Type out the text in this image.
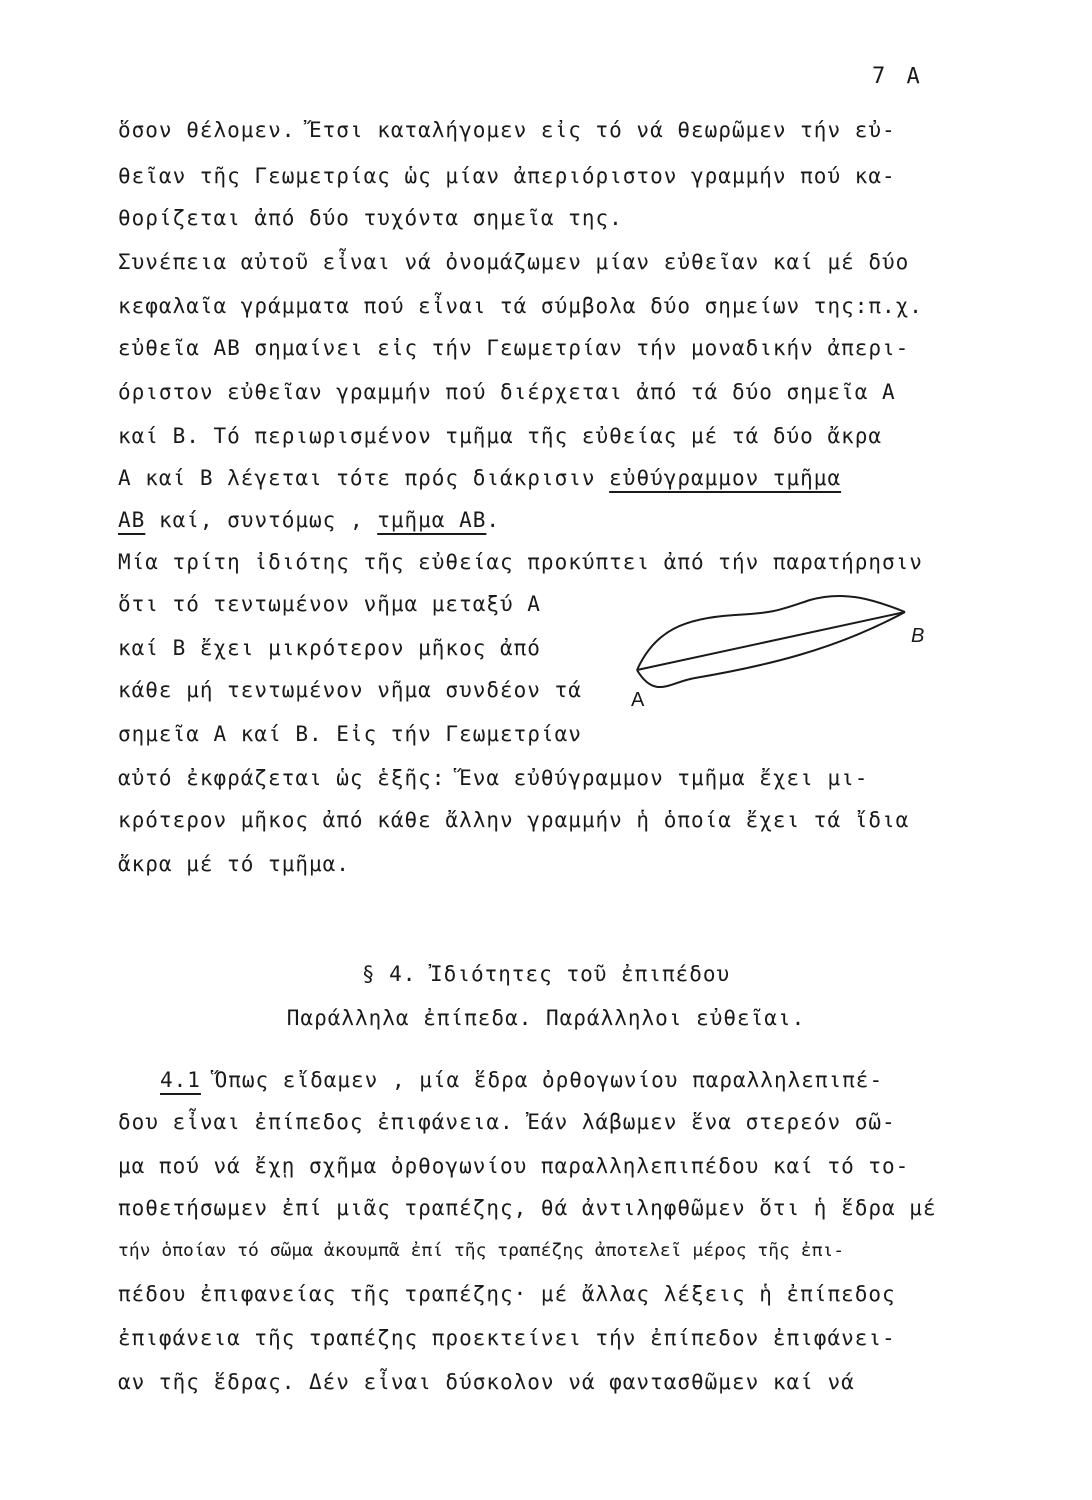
7 Α
ὅσον θέλομεν. Ἔτσι καταλήγομεν εἰς τό νά θεωρῶμεν τήν εὐ-
θεῖαν τῆς Γεωμετρίας ὡς μίαν ἀπεριόριστον γραμμήν πού κα-
θορίζεται ἀπό δύο τυχόντα σημεῖα της.
Συνέπεια αὐτοῦ εἶναι νά ὀνομάζωμεν μίαν εὐθεῖαν καί μέ δύο
κεφαλαῖα γράμματα πού εἶναι τά σύμβολα δύο σημείων της:π.χ.
εὐθεῖα ΑΒ σημαίνει εἰς τήν Γεωμετρίαν τήν μοναδικήν ἀπερι-
όριστον εὐθεῖαν γραμμήν πού διέρχεται ἀπό τά δύο σημεῖα Α
καί Β. Τό περιωρισμένον τμῆμα τῆς εὐθείας μέ τά δύο ἄκρα
Α καί Β λέγεται τότε πρός διάκρισιν εὐθύγραμμον τμῆμα
ΑΒ καί, συντόμως , τμῆμα ΑΒ.
Μία τρίτη ἰδιότης τῆς εὐθείας προκύπτει ἀπό τήν παρατήρησιν
ὅτι τό τεντωμένον νῆμα μεταξύ Α
καί Β ἔχει μικρότερον μῆκος ἀπό
κάθε μή τεντωμένον νῆμα συνδέον τά
σημεῖα Α καί Β. Εἰς τήν Γεωμετρίαν
αὐτό ἐκφράζεται ὡς ἑξῆς: Ἕνα εὐθύγραμμον τμῆμα ἔχει μι-
κρότερον μῆκος ἀπό κάθε ἄλλην γραμμήν ἡ ὁποία ἔχει τά ἴδια
ἄκρα μέ τό τμῆμα.
Α
Β
§ 4. Ἰδιότητες τοῦ ἐπιπέδου
Παράλληλα ἐπίπεδα. Παράλληλοι εὐθεῖαι.
4.1 Ὅπως εἴδαμεν , μία ἕδρα ὀρθογωνίου παραλληλεπιπέ-
δου εἶναι ἐπίπεδος ἐπιφάνεια. Ἐάν λάβωμεν ἕνα στερεόν σῶ-
μα πού νά ἔχῃ σχῆμα ὀρθογωνίου παραλληλεπιπέδου καί τό το-
ποθετήσωμεν ἐπί μιᾶς τραπέζης, θά ἀντιληφθῶμεν ὅτι ἡ ἕδρα μέ
τήν ὁποίαν τό σῶμα ἀκουμπᾶ ἐπί τῆς τραπέζης ἀποτελεῖ μέρος τῆς ἐπι-
πέδου ἐπιφανείας τῆς τραπέζης· μέ ἄλλας λέξεις ἡ ἐπίπεδος
ἐπιφάνεια τῆς τραπέζης προεκτείνει τήν ἐπίπεδον ἐπιφάνει-
αν τῆς ἕδρας. Δέν εἶναι δύσκολον νά φαντασθῶμεν καί νά
